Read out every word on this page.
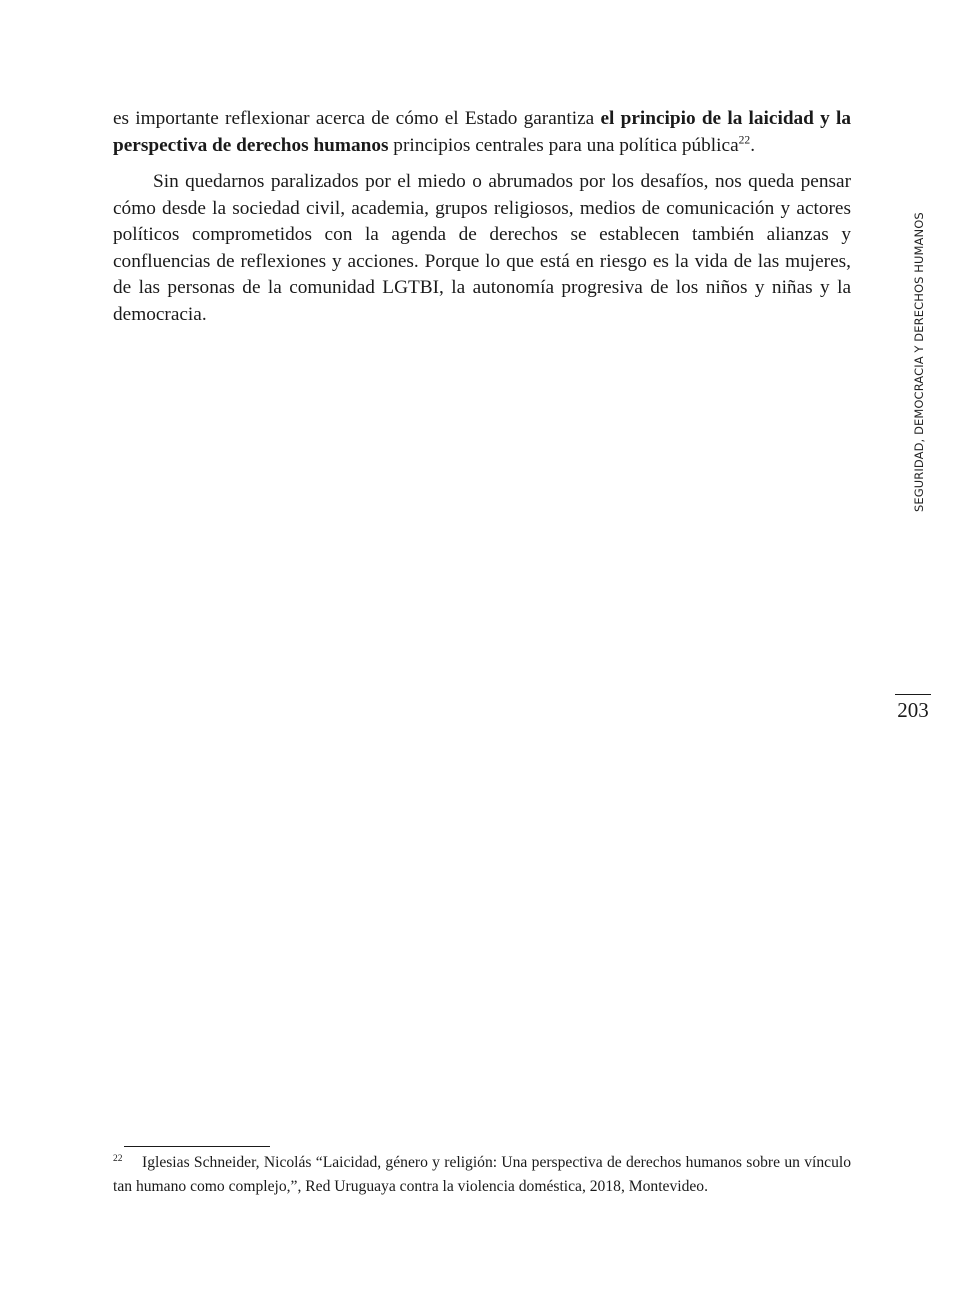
es importante reflexionar acerca de cómo el Estado garantiza el principio de la laicidad y la perspectiva de derechos humanos principios centrales para una política pública$^{22}$.

Sin quedarnos paralizados por el miedo o abrumados por los desafíos, nos queda pensar cómo desde la sociedad civil, academia, grupos religiosos, medios de comunicación y actores políticos comprometidos con la agenda de derechos se establecen también alianzas y confluencias de reflexiones y acciones. Porque lo que está en riesgo es la vida de las mujeres, de las personas de la comunidad LGTBI, la autonomía progresiva de los niños y niñas y la democracia.	SEGURIDAD, DEMOCRACIA Y DERECHOS HUMANOS
203
22 Iglesias Schneider, Nicolás “Laicidad, género y religión: Una perspectiva de derechos humanos sobre un vínculo tan humano como complejo,”, Red Uruguaya contra la violencia doméstica, 2018, Montevideo.
